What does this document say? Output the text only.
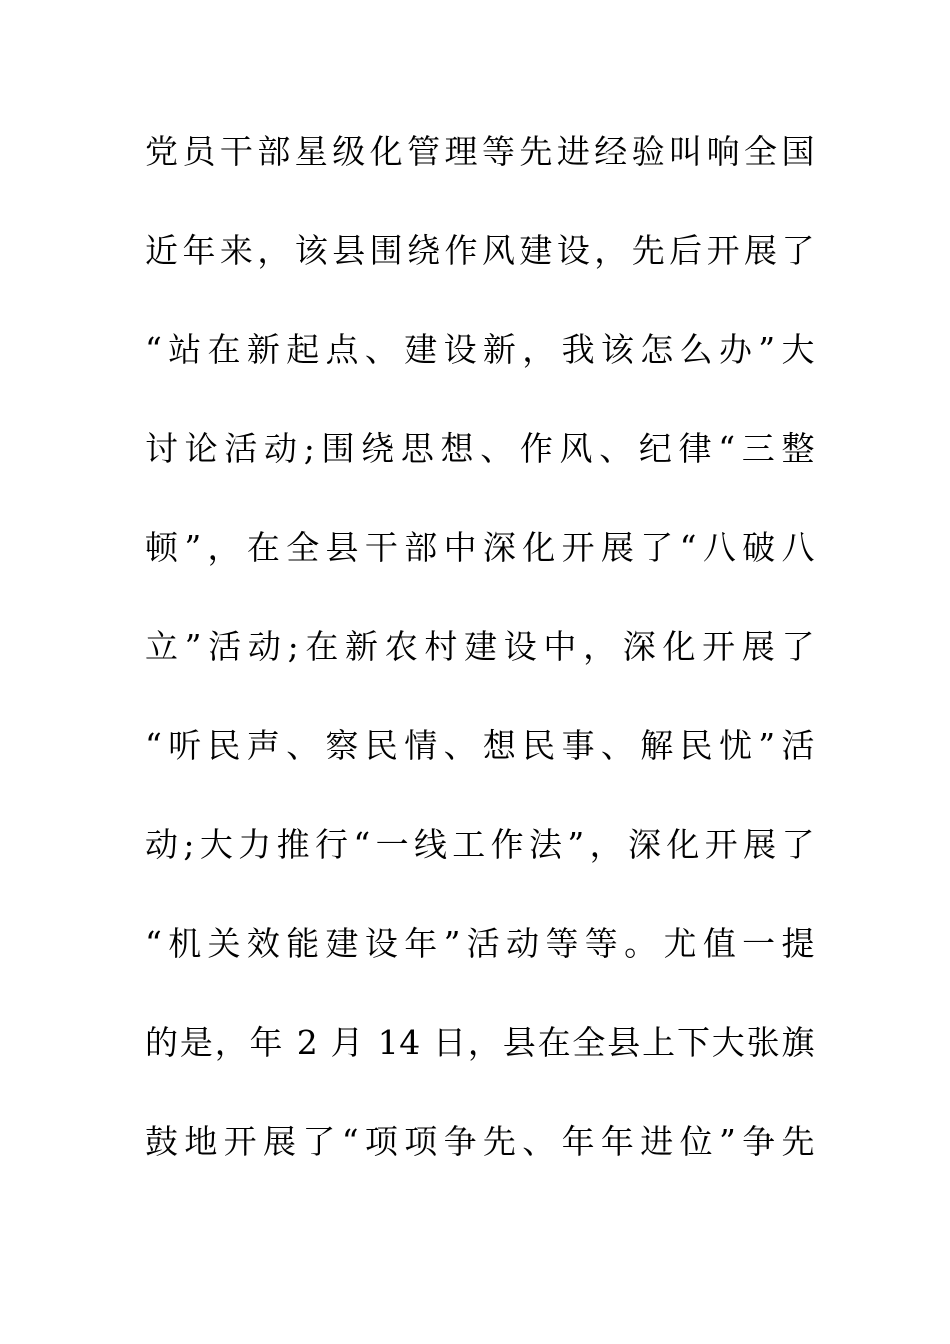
党员干部星级化管理等先进经验叫响全国
近年来，该县围绕作风建设，先后开展了
“站在新起点、建设新，我该怎么办”大
讨论活动;围绕思想、作风、纪律“三整
顿”，在全县干部中深化开展了“八破八
立”活动;在新农村建设中，深化开展了
“听民声、察民情、想民事、解民忧”活
动;大力推行“一线工作法”，深化开展了
“机关效能建设年”活动等等。尤值一提
的是，年 2 月 14 日，县在全县上下大张旗
鼓地开展了“项项争先、年年进位”争先
